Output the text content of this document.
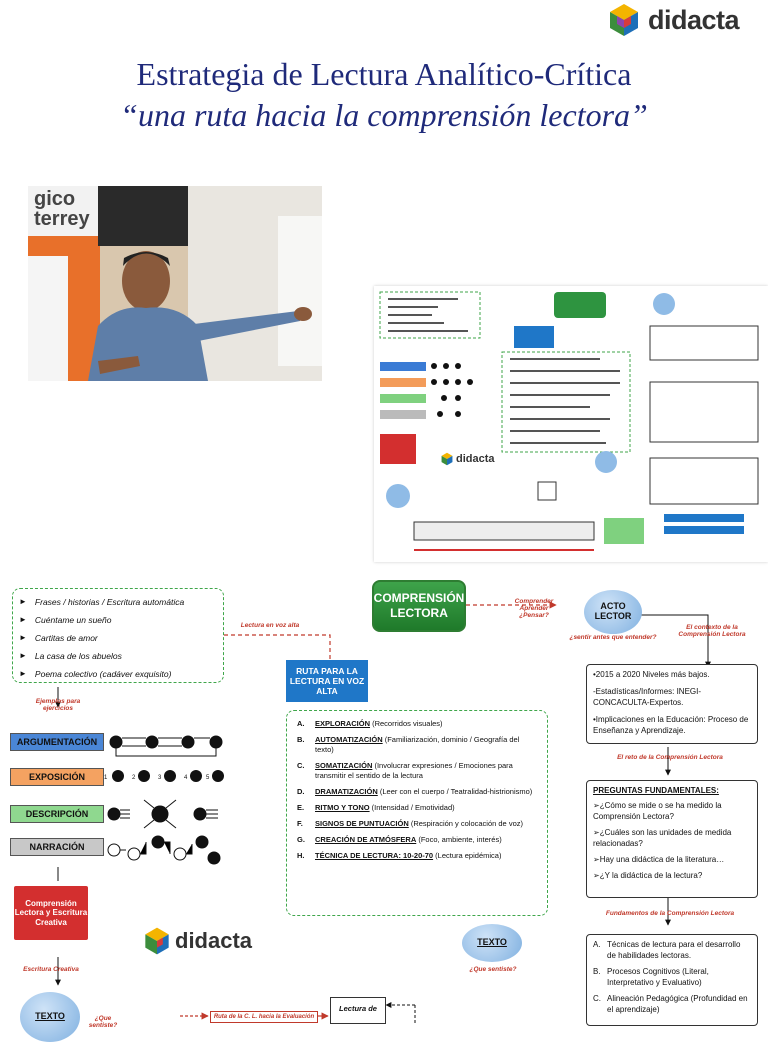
didacta
Estrategia de Lectura Analítico-Crítica
“una ruta hacia la comprensión lectora”
gico
terrey
didacta
► Frases / historias / Escritura automática
► Cuéntame un sueño
► Cartitas de amor
► La casa de los abuelos
► Poema colectivo (cadáver exquisito)
Lectura en voz alta
Ejemplos para ejercicios
ARGUMENTACIÓN
EXPOSICIÓN
DESCRIPCIÓN
NARRACIÓN
1	2	3	4	5
Comprensión Lectora y Escritura Creativa
Escritura Creativa
TEXTO	¿Que sentiste?
didacta
COMPRENSIÓN LECTORA
Comprender Aprender ¿Pensar?
ACTO LECTOR
¿sentir antes que entender?
El contexto de la Comprensión Lectora
RUTA PARA LA LECTURA EN VOZ ALTA
A.	EXPLORACIÓN (Recorridos visuales)
B.	AUTOMATIZACIÓN (Familiarización, dominio / Geografía del texto)
C.	SOMATIZACIÓN (Involucrar expresiones / Emociones para transmitir el sentido de la lectura
D.	DRAMATIZACIÓN (Leer con el cuerpo / Teatralidad-histrionismo)
E.	RITMO Y TONO (Intensidad / Emotividad)
F.	SIGNOS DE PUNTUACIÓN (Respiración y colocación de voz)
G.	CREACIÓN DE ATMÓSFERA (Foco, ambiente, interés)
H.	TÉCNICA DE LECTURA: 10-20-70 (Lectura epidémica)
TEXTO
¿Que sentiste?
•2015 a 2020 Niveles más bajos.
-Estadísticas/Informes: INEGI-CONCACULTA-Expertos.
•Implicaciones en la Educación: Proceso de Enseñanza y Aprendizaje.
El reto de la Comprensión Lectora
PREGUNTAS FUNDAMENTALES:
➢¿Cómo se mide o se ha medido la Comprensión Lectora?
➢¿Cuáles son las unidades de medida relacionadas?
➢Hay una didáctica de la literatura…
➢¿Y la didáctica de la lectura?
Fundamentos de la Comprensión Lectora
A. Técnicas de lectura para el desarrollo de habilidades lectoras.
B. Procesos Cognitivos (Literal, Interpretativo y Evaluativo)
C. Alineación Pedagógica (Profundidad en el aprendizaje)
Ruta de la C. L. hacia la Evaluación
Lectura de
